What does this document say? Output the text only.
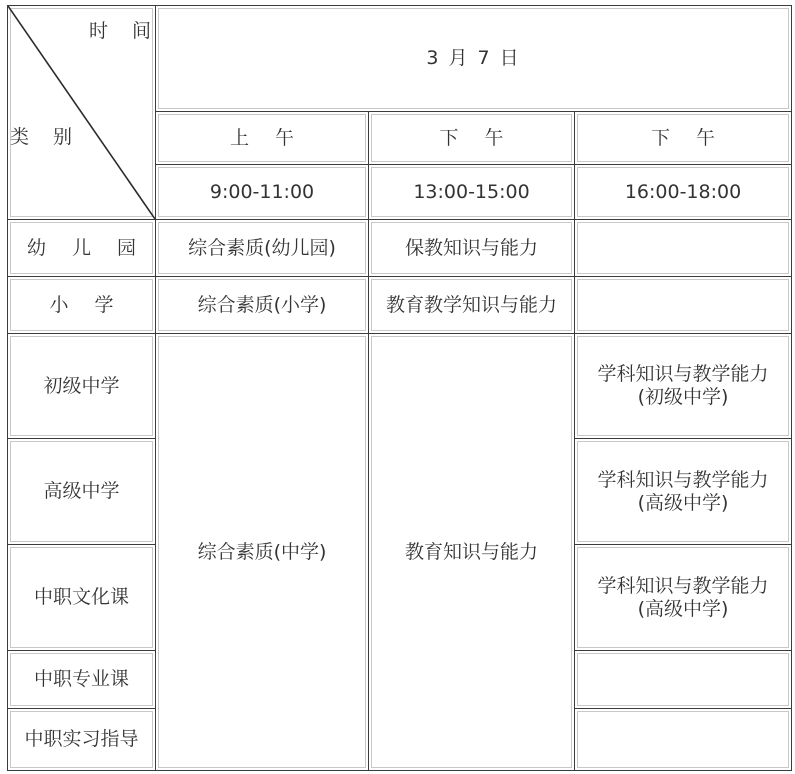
时 间
类 别	3 月 7 日		
	上 午	下 午	下 午
	9:00-11:00	13:00-15:00	16:00-18:00
幼 儿 园	综合素质(幼儿园)	保教知识与能力	
小 学	综合素质(小学)	教育教学知识与能力	
初级中学	综合素质(中学)	教育知识与能力	学科知识与教学能力
(初级中学)

高级中学			学科知识与教学能力
(高级中学)

中职文化课			学科知识与教学能力
(高级中学)

中职专业课			
中职实习指导			
